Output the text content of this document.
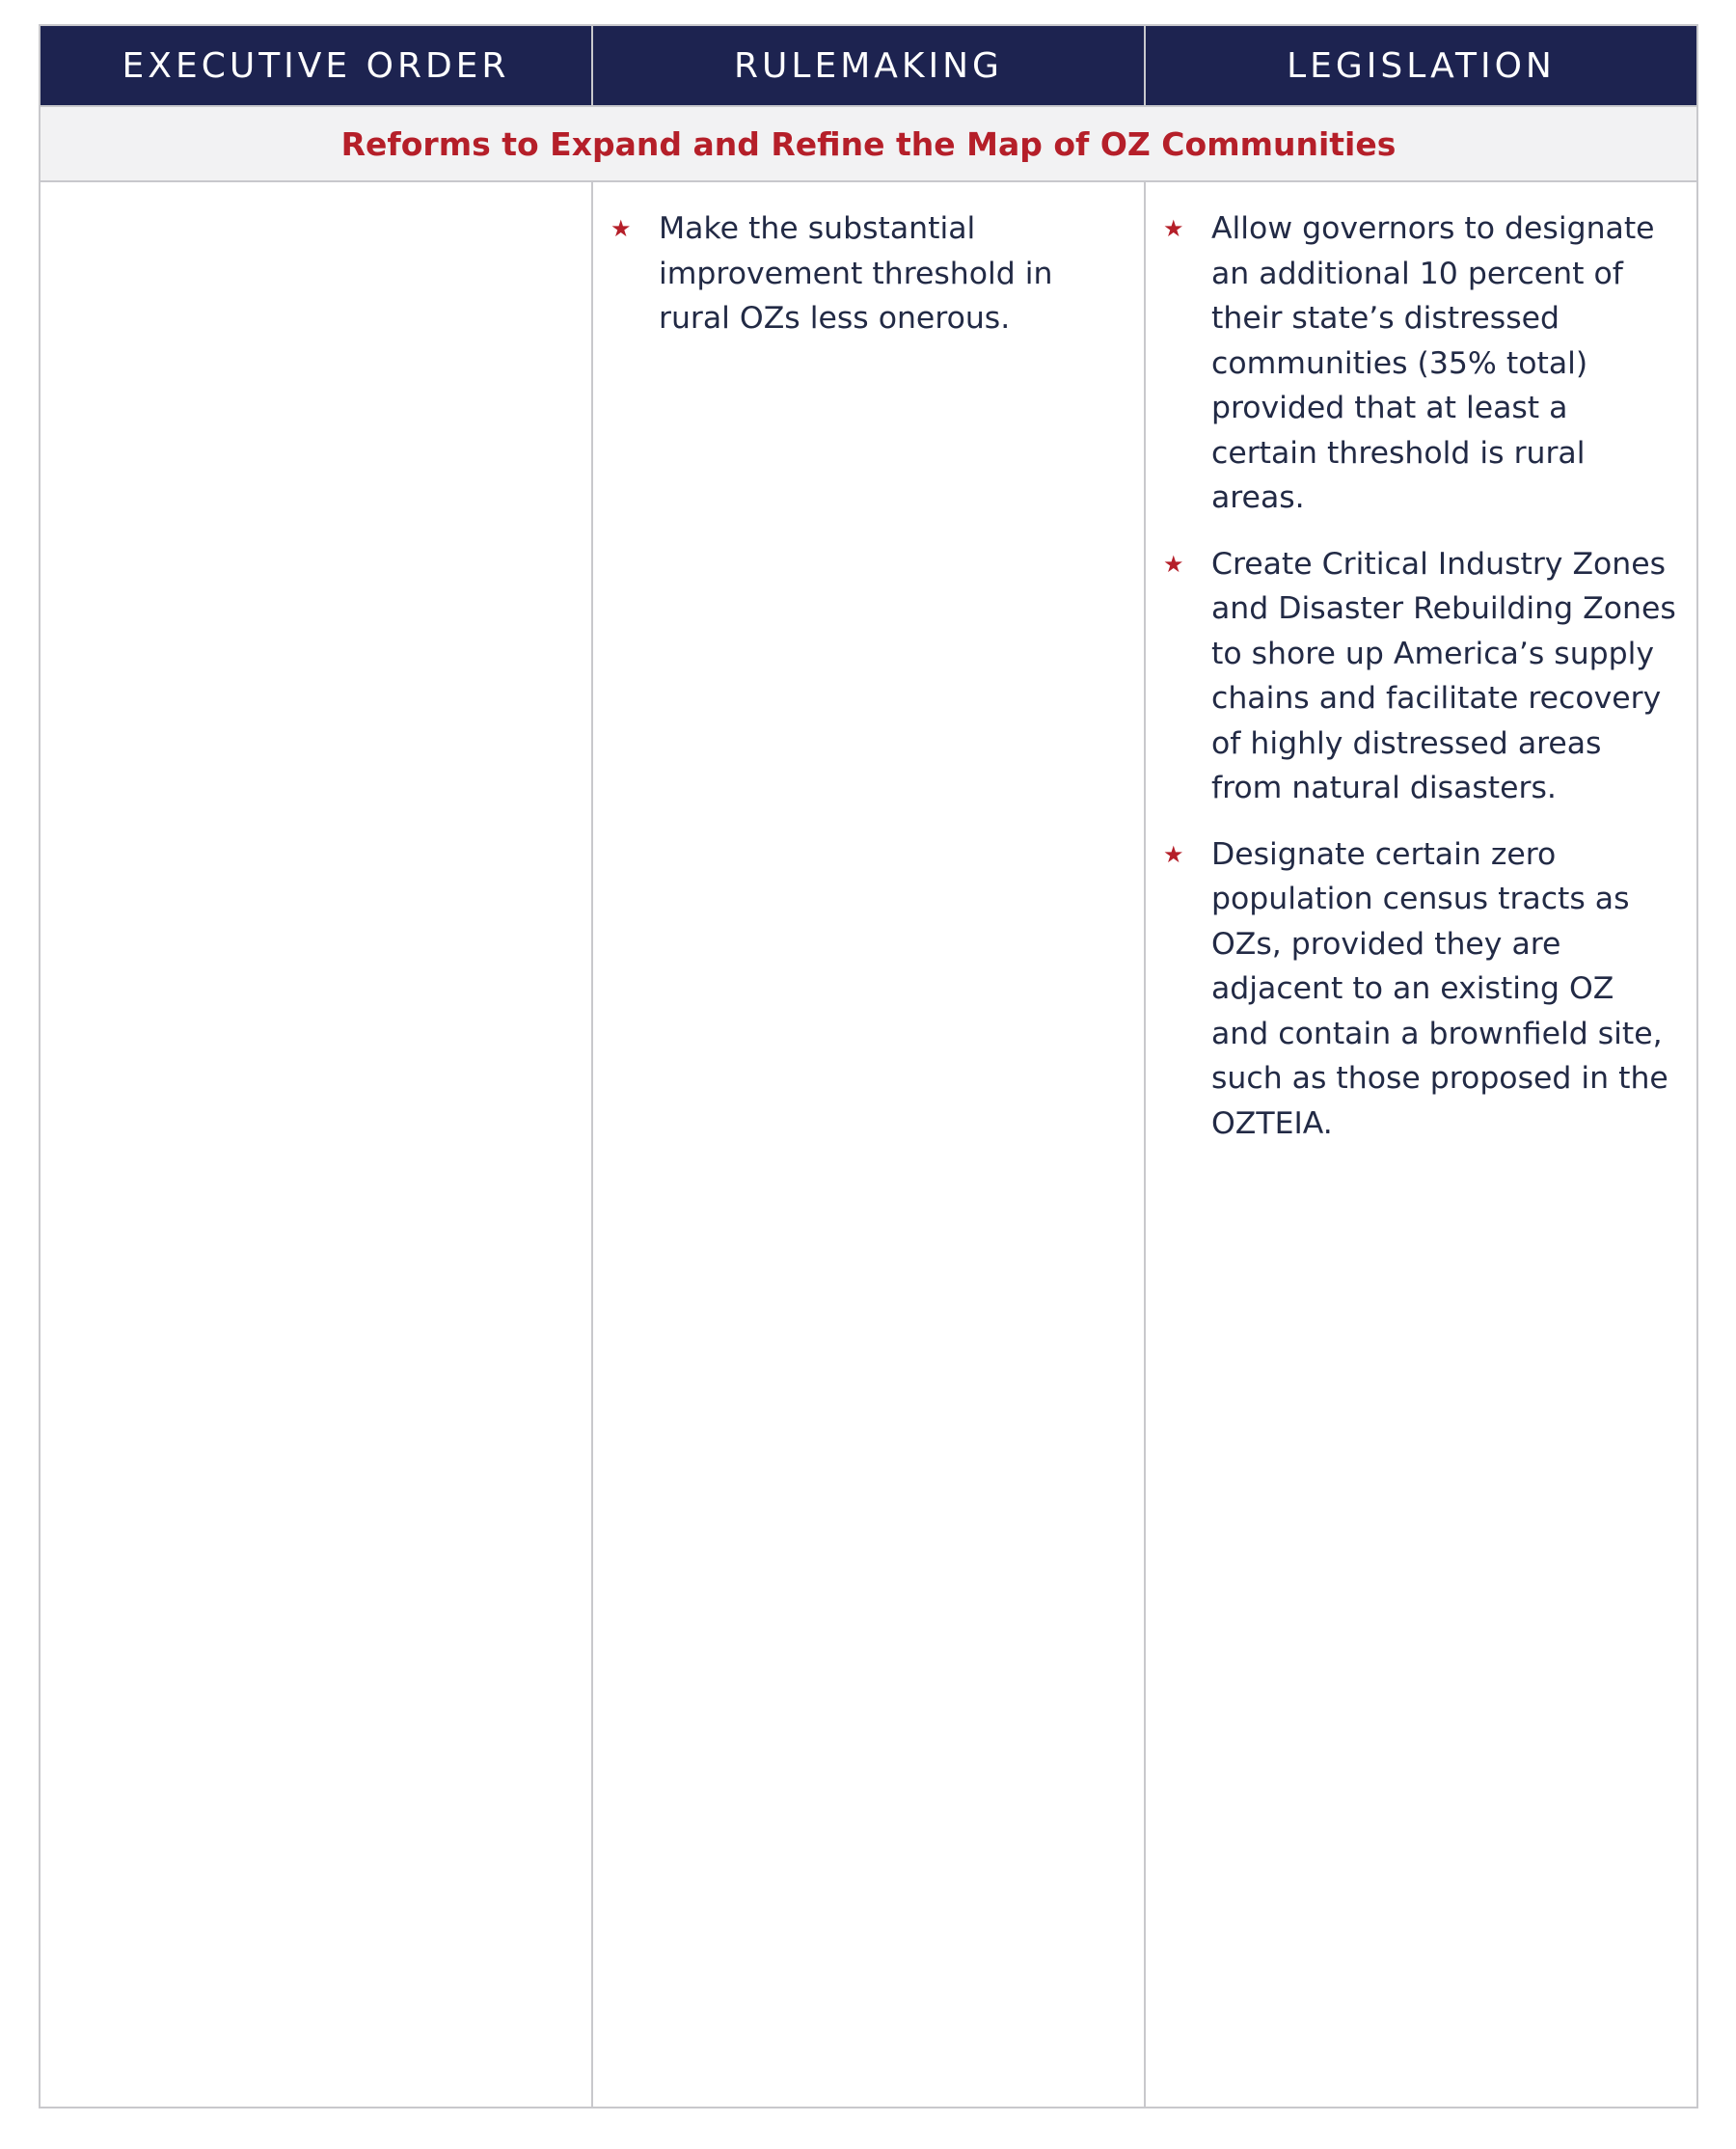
EXECUTIVE ORDER	RULEMAKING	LEGISLATION
Reforms to Expand and Refine the Map of OZ Communities
★ Make the substantial improvement threshold in rural OZs less onerous.
★ Allow governors to designate an additional 10 percent of their state’s distressed communities (35% total) provided that at least a certain threshold is rural areas.
★ Create Critical Industry Zones and Disaster Rebuilding Zones to shore up America’s supply chains and facilitate recovery of highly distressed areas from natural disasters.
★ Designate certain zero population census tracts as OZs, provided they are adjacent to an existing OZ and contain a brownfield site, such as those proposed in the OZTEIA.
